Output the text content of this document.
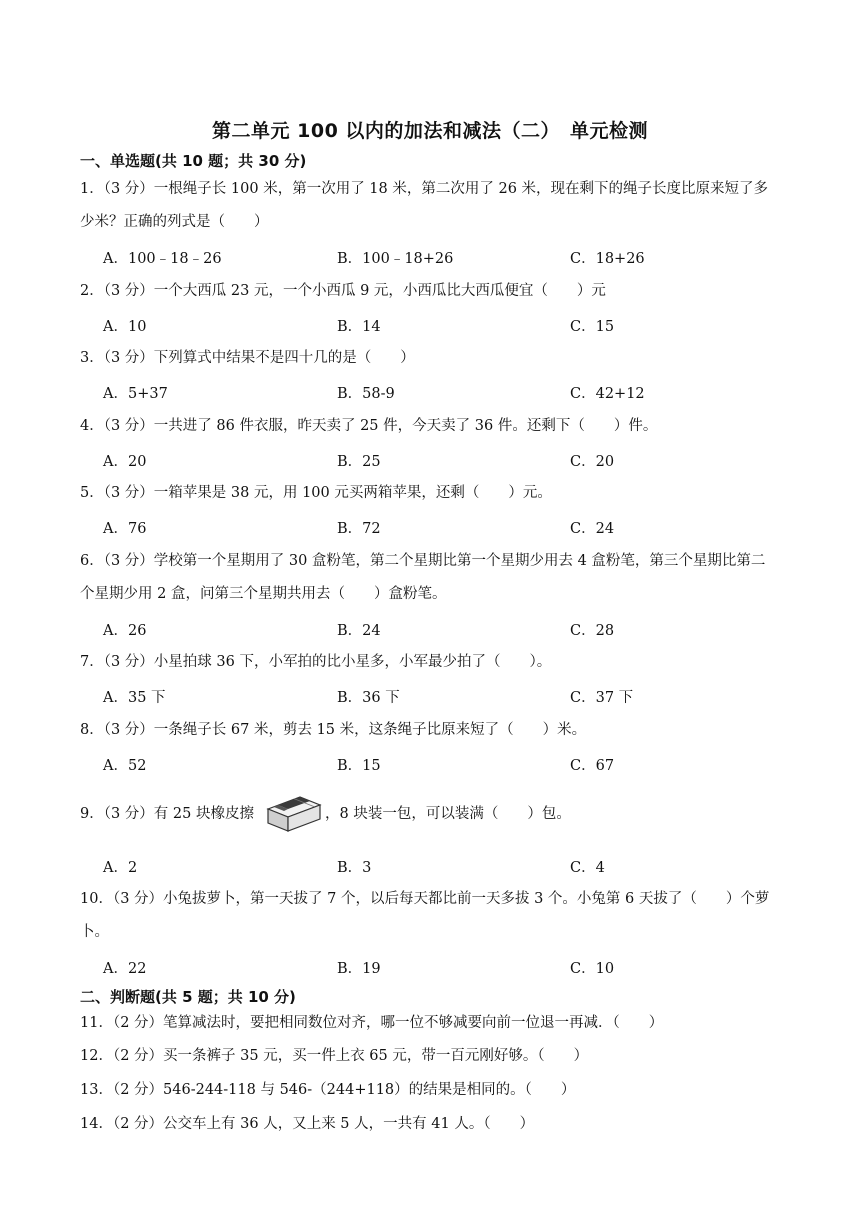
第二单元 100 以内的加法和减法（二）　单元检测
一、单选题(共 10 题；共 30 分)
1．（3 分）一根绳子长 100 米，第一次用了 18 米，第二次用了 26 米，现在剩下的绳子长度比原来短了多
少米？正确的列式是（　　）
A．100﹣18﹣26	B．100﹣18+26	C．18+26
2．（3 分）一个大西瓜 23 元，一个小西瓜 9 元，小西瓜比大西瓜便宜（　　）元
A．10	B．14	C．15
3．（3 分）下列算式中结果不是四十几的是（　　）
A．5+37	B．58-9	C．42+12
4．（3 分）一共进了 86 件衣服，昨天卖了 25 件，今天卖了 36 件。还剩下（　　）件。
A．20	B．25	C．20
5．（3 分）一箱苹果是 38 元，用 100 元买两箱苹果，还剩（　　）元。
A．76	B．72	C．24
6．（3 分）学校第一个星期用了 30 盒粉笔，第二个星期比第一个星期少用去 4 盒粉笔，第三个星期比第二
个星期少用 2 盒，问第三个星期共用去（　　）盒粉笔。
A．26	B．24	C．28
7．（3 分）小星拍球 36 下，小军拍的比小星多，小军最少拍了（　　）。
A．35 下	B．36 下	C．37 下
8．（3 分）一条绳子长 67 米，剪去 15 米，这条绳子比原来短了（　　）米。
A．52	B．15	C．67
9．（3 分）有 25 块橡皮擦	，8 块装一包，可以装满（　　）包。
A．2	B．3	C．4
10．（3 分）小兔拔萝卜，第一天拔了 7 个，以后每天都比前一天多拔 3 个。小兔第 6 天拔了（　　）个萝
卜。
A．22	B．19	C．10
二、判断题(共 5 题；共 10 分)
11．（2 分）笔算减法时，要把相同数位对齐，哪一位不够减要向前一位退一再减．（　　）
12．（2 分）买一条裤子 35 元，买一件上衣 65 元，带一百元刚好够。（　　）
13．（2 分）546-244-118 与 546-（244+118）的结果是相同的。（　　）
14．（2 分）公交车上有 36 人，又上来 5 人，一共有 41 人。（　　）
